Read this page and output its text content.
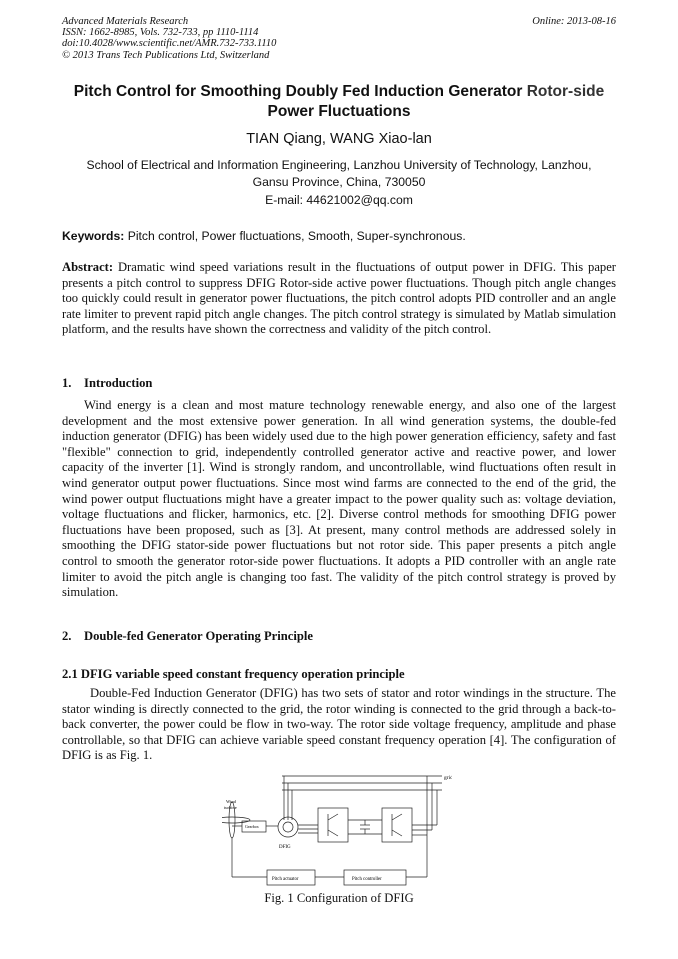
Advanced Materials Research
ISSN: 1662-8985, Vols. 732-733, pp 1110-1114
doi:10.4028/www.scientific.net/AMR.732-733.1110
© 2013 Trans Tech Publications Ltd, Switzerland
Online: 2013-08-16
Pitch Control for Smoothing Doubly Fed Induction Generator Rotor-side
Power Fluctuations
TIAN Qiang, WANG Xiao-lan
School of Electrical and Information Engineering, Lanzhou University of Technology, Lanzhou, Gansu Province, China, 730050
E-mail: 44621002@qq.com
Keywords: Pitch control, Power fluctuations, Smooth, Super-synchronous.
Abstract: Dramatic wind speed variations result in the fluctuations of output power in DFIG. This paper presents a pitch control to suppress DFIG Rotor-side active power fluctuations. Though pitch angle changes too quickly could result in generator power fluctuations, the pitch control adopts PID controller and an angle rate limiter to prevent rapid pitch angle changes. The pitch control strategy is simulated by Matlab simulation platform, and the results have shown the correctness and validity of the pitch control.
1.    Introduction
Wind energy is a clean and most mature technology renewable energy, and also one of the largest development and the most extensive power generation. In all wind generation systems, the double-fed induction generator (DFIG) has been widely used due to the high power generation efficiency, safety and fast "flexible" connection to grid, independently controlled generator active and reactive power, and lower capacity of the inverter [1]. Wind is strongly random, and uncontrollable, wind fluctuations often result in wind generator output power fluctuations. Since most wind farms are connected to the end of the grid, the wind power output fluctuations might have a greater impact to the power quality such as: voltage deviation, voltage fluctuations and flicker, harmonics, etc. [2]. Diverse control methods for smoothing DFIG power fluctuations have been proposed, such as [3]. At present, many control methods are addressed solely in smoothing the DFIG stator-side power fluctuations but not rotor side. This paper presents a pitch angle control to smooth the generator rotor-side power fluctuations. It adopts a PID controller with an angle rate limiter to avoid the pitch angle is changing too fast. The validity of the pitch control strategy is proved by simulation.
2.    Double-fed Generator Operating Principle
2.1 DFIG variable speed constant frequency operation principle
Double-Fed Induction Generator (DFIG) has two sets of stator and rotor windings in the structure. The stator winding is directly connected to the grid, the rotor winding is connected to the grid through a back-to-back converter, the power could be flow in two-way. The rotor side voltage frequency, amplitude and phase controllable, so that DFIG can achieve variable speed constant frequency operation [4]. The configuration of DFIG is as Fig. 1.
grid
Wind
turbine
Gearbox
DFIG
Pitch actuator	Pitch controller
Fig. 1 Configuration of DFIG
